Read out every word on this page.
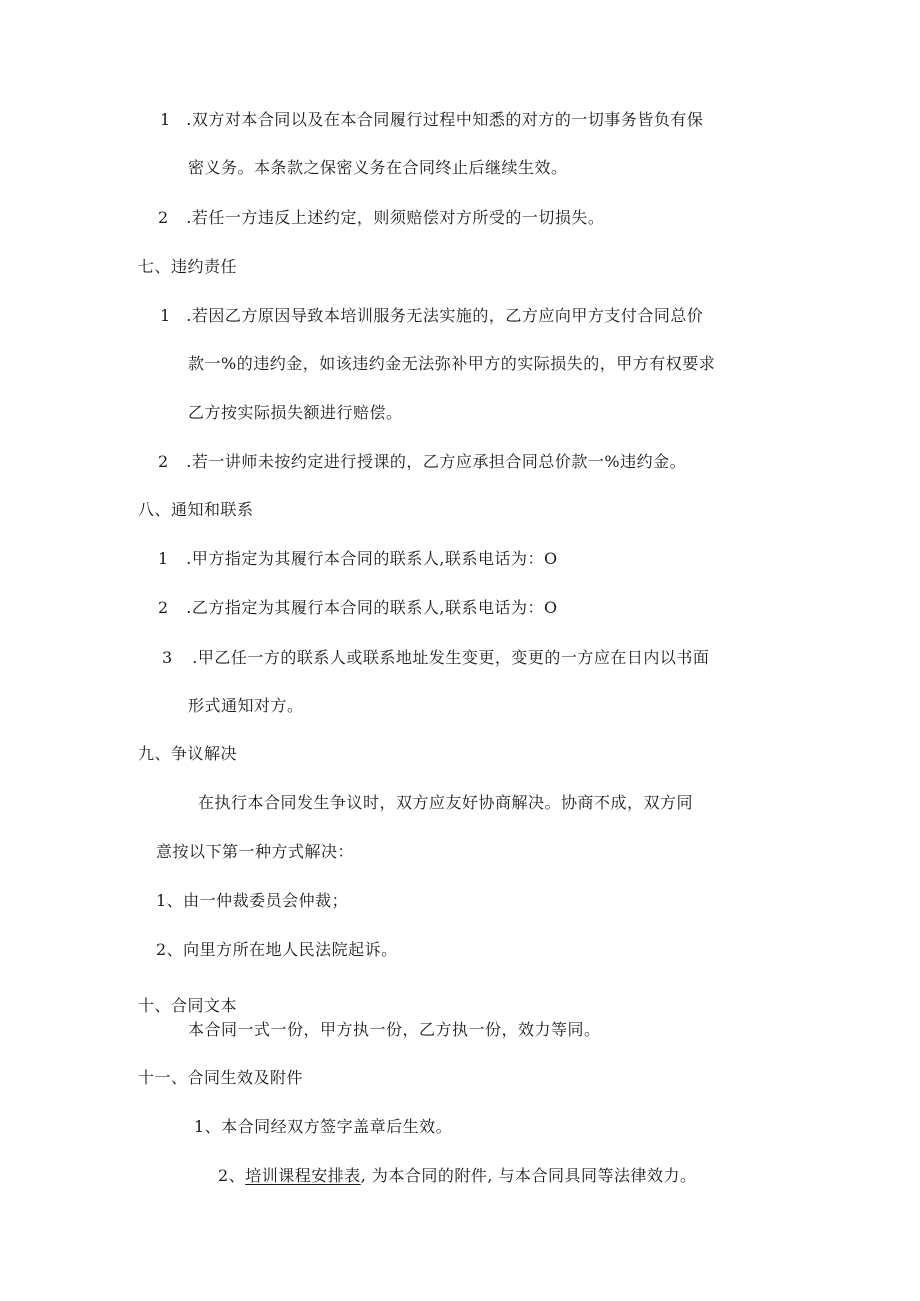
1 .双方对本合同以及在本合同履行过程中知悉的对方的一切事务皆负有保
密义务。本条款之保密义务在合同终止后继续生效。
2 .若任一方违反上述约定，则须赔偿对方所受的一切损失。
七、违约责任
1 .若因乙方原因导致本培训服务无法实施的，乙方应向甲方支付合同总价
款一%的违约金，如该违约金无法弥补甲方的实际损失的，甲方有权要求
乙方按实际损失额进行赔偿。
2 .若一讲师未按约定进行授课的，乙方应承担合同总价款一%违约金。
八、通知和联系
1 .甲方指定为其履行本合同的联系人,联系电话为：O
2 .乙方指定为其履行本合同的联系人,联系电话为：O
3 .甲乙任一方的联系人或联系地址发生变更，变更的一方应在日内以书面
形式通知对方。
九、争议解决
在执行本合同发生争议时，双方应友好协商解决。协商不成，双方同
意按以下第一种方式解决：
1、由一仲裁委员会仲裁；
2、向里方所在地人民法院起诉。
十、合同文本
本合同一式一份，甲方执一份，乙方执一份，效力等同。
十一、合同生效及附件
1、本合同经双方签字盖章后生效。
2、培训课程安排表, 为本合同的附件, 与本合同具同等法律效力。
